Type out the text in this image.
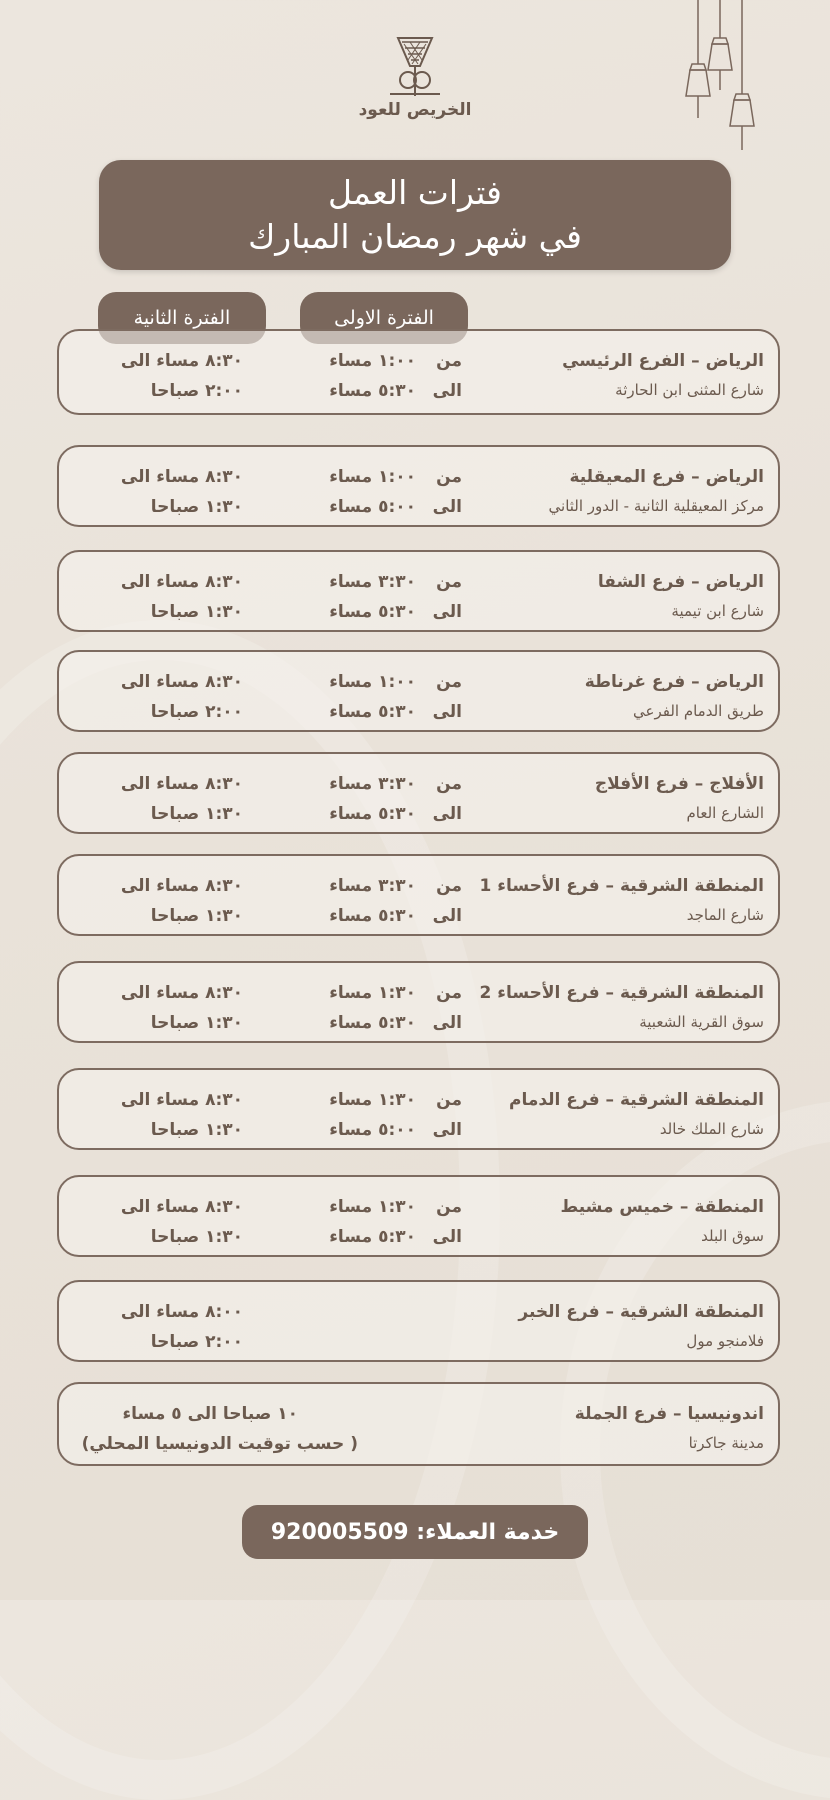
الخريص للعود
فترات العمل
في شهر رمضان المبارك
الفترة الاولى
الفترة الثانية
الرياض – الفرع الرئيسي
شارع المثنى ابن الحارثة
من
الى
١:٠٠ مساء
٥:٣٠ مساء
٨:٣٠ مساء الى
٢:٠٠ صباحا
الرياض – فرع المعيقلية
مركز المعيقلية الثانية - الدور الثاني
من
الى
١:٠٠ مساء
٥:٠٠ مساء
٨:٣٠ مساء الى
١:٣٠ صباحا
الرياض – فرع الشفا
شارع ابن تيمية
من
الى
٣:٣٠ مساء
٥:٣٠ مساء
٨:٣٠ مساء الى
١:٣٠ صباحا
الرياض – فرع غرناطة
طريق الدمام الفرعي
من
الى
١:٠٠ مساء
٥:٣٠ مساء
٨:٣٠ مساء الى
٢:٠٠ صباحا
الأفلاج – فرع الأفلاج
الشارع العام
من
الى
٣:٣٠ مساء
٥:٣٠ مساء
٨:٣٠ مساء الى
١:٣٠ صباحا
المنطقة الشرقية – فرع الأحساء 1
شارع الماجد
من
الى
٣:٣٠ مساء
٥:٣٠ مساء
٨:٣٠ مساء الى
١:٣٠ صباحا
المنطقة الشرقية – فرع الأحساء 2
سوق القرية الشعبية
من
الى
١:٣٠ مساء
٥:٣٠ مساء
٨:٣٠ مساء الى
١:٣٠ صباحا
المنطقة الشرقية – فرع الدمام
شارع الملك خالد
من
الى
١:٣٠ مساء
٥:٠٠ مساء
٨:٣٠ مساء الى
١:٣٠ صباحا
المنطقة – خميس مشيط
سوق البلد
من
الى
١:٣٠ مساء
٥:٣٠ مساء
٨:٣٠ مساء الى
١:٣٠ صباحا
المنطقة الشرقية – فرع الخبر
فلامنجو مول
٨:٠٠ مساء الى
٢:٠٠ صباحا
اندونيسيا – فرع الجملة
مدينة جاكرتا
١٠ صباحا الى ٥ مساء
( حسب توقيت الدونيسيا المحلي)
خدمة العملاء: 920005509
